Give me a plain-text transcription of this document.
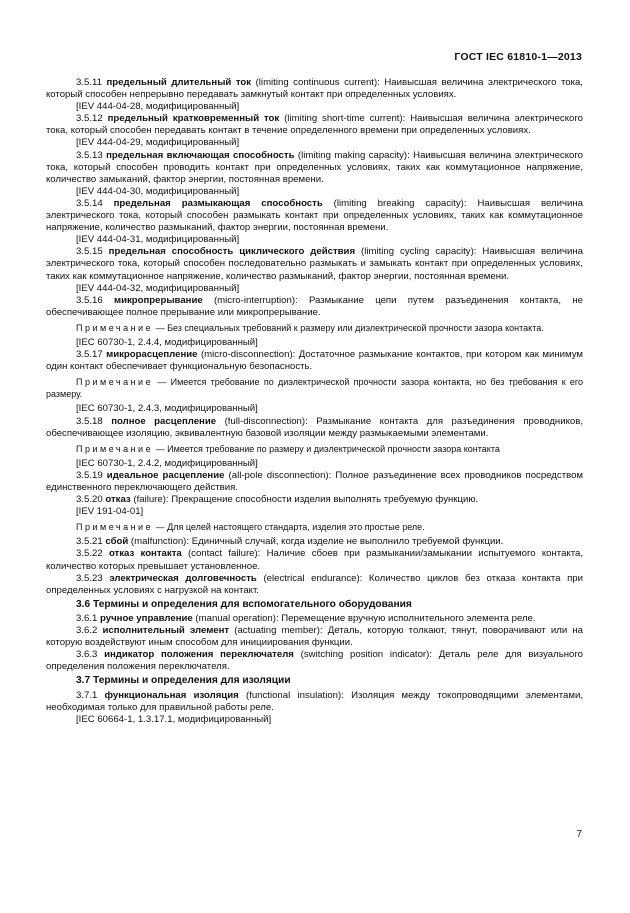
ГОСТ IEC 61810-1—2013

3.5.11 предельный длительный ток (limiting continuous current): Наивысшая величина электрического тока, который способен непрерывно передавать замкнутый контакт при определенных условиях.

[IEV 444-04-28, модифицированный]

3.5.12 предельный кратковременный ток (limiting short-time current): Наивысшая величина электрического тока, который способен передавать контакт в течение определенного времени при определенных условиях.

[IEV 444-04-29, модифицированный]

3.5.13 предельная включающая способность (limiting making capacity): Наивысшая величина электрического тока, который способен проводить контакт при определенных условиях, таких как коммутационное напряжение, количество замыканий, фактор энергии, постоянная времени.

[IEV 444-04-30, модифицированный]

3.5.14 предельная размыкающая способность (limiting breaking capacity): Наивысшая величина электрического тока, который способен размыкать контакт при определенных условиях, таких как коммутационное напряжение, количество размыканий, фактор энергии, постоянная времени.

[IEV 444-04-31, модифицированный]

3.5.15 предельная способность циклического действия (limiting cycling capacity): Наивысшая величина электрического тока, который способен последовательно размыкать и замыкать контакт при определенных условиях, таких как коммутационное напряжение, количество размыканий, фактор энергии, постоянная времени.

[IEV 444-04-32, модифицированный]

3.5.16 микропрерывание (micro-interruption): Размыкание цепи путем разъединения контакта, не обеспечивающее полное прерывание или микропрерывание.

Примечание — Без специальных требований к размеру или диэлектрической прочности зазора контакта.

[IEC 60730-1, 2.4.4, модифицированный]

3.5.17 микрорасцепление (micro-disconnection): Достаточное размыкание контактов, при котором как минимум один контакт обеспечивает функциональную безопасность.

Примечание — Имеется требование по диэлектрической прочности зазора контакта, но без требования к его размеру.

[IEC 60730-1, 2.4.3, модифицированный]

3.5.18 полное расцепление (full-disconnection): Размыкание контакта для разъединения проводников, обеспечивающее изоляцию, эквивалентную базовой изоляции между размыкаемыми элементами.

Примечание — Имеется требование по размеру и диэлектрической прочности зазора контакта

[IEC 60730-1, 2.4.2, модифицированный]

3.5.19 идеальное расцепление (all-pole disconnection): Полное разъединение всех проводников посредством единственного переключающего действия.

3.5.20 отказ (failure): Прекращение способности изделия выполнять требуемую функцию.

[IEV 191-04-01]

Примечание — Для целей настоящего стандарта, изделия это простые реле.

3.5.21 сбой (malfunction): Единичный случай, когда изделие не выполнило требуемой функции.

3.5.22 отказ контакта (contact failure): Наличие сбоев при размыкании/замыкании испытуемого контакта, количество которых превышает установленное.

3.5.23 электрическая долговечность (electrical endurance): Количество циклов без отказа контакта при определенных условиях с нагрузкой на контакт.

3.6 Термины и определения для вспомогательного оборудования

3.6.1 ручное управление (manual operation): Перемещение вручную исполнительного элемента реле.

3.6.2 исполнительный элемент (actuating member): Деталь, которую толкают, тянут, поворачивают или на которую воздействуют иным способом для инициирования функции.

3.6.3 индикатор положения переключателя (switching position indicator): Деталь реле для визуального определения положения переключателя.

3.7 Термины и определения для изоляции

3.7.1 функциональная изоляция (functional insulation): Изоляция между токопроводящими элементами, необходимая только для правильной работы реле.

[IEC 60664-1, 1.3.17.1, модифицированный]

7
